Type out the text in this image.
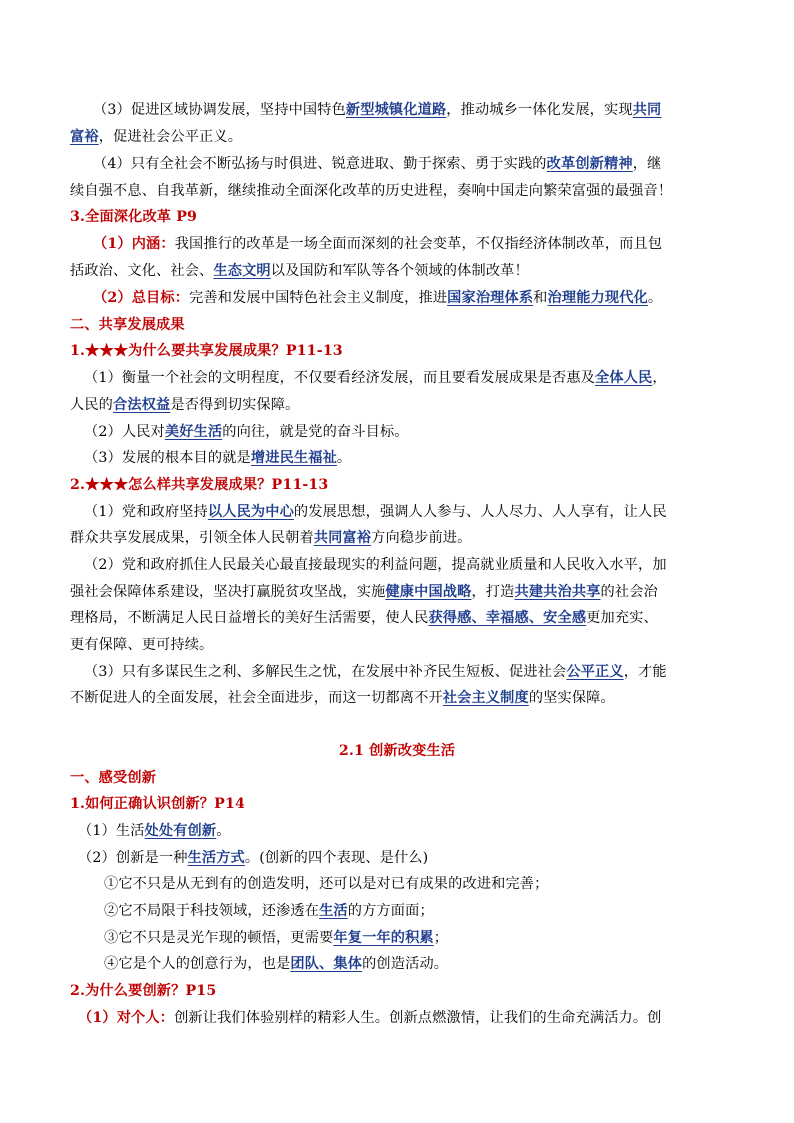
（3）促进区域协调发展，坚持中国特色新型城镇化道路，推动城乡一体化发展，实现共同
富裕，促进社会公平正义。
（4）只有全社会不断弘扬与时俱进、锐意进取、勤于探索、勇于实践的改革创新精神，继
续自强不息、自我革新，继续推动全面深化改革的历史进程，奏响中国走向繁荣富强的最强音！
3.全面深化改革 P9
（1）内涵：我国推行的改革是一场全面而深刻的社会变革，不仅指经济体制改革，而且包
括政治、文化、社会、生态文明以及国防和军队等各个领域的体制改革！
（2）总目标：完善和发展中国特色社会主义制度，推进国家治理体系和治理能力现代化。
二、共享发展成果
1.★★★为什么要共享发展成果？P11-13
（1）衡量一个社会的文明程度，不仅要看经济发展，而且要看发展成果是否惠及全体人民，
人民的合法权益是否得到切实保障。
（2）人民对美好生活的向往，就是党的奋斗目标。
（3）发展的根本目的就是增进民生福祉。
2.★★★怎么样共享发展成果？P11-13
（1）党和政府坚持以人民为中心的发展思想，强调人人参与、人人尽力、人人享有，让人民
群众共享发展成果，引领全体人民朝着共同富裕方向稳步前进。
（2）党和政府抓住人民最关心最直接最现实的利益问题，提高就业质量和人民收入水平，加
强社会保障体系建设，坚决打赢脱贫攻坚战，实施健康中国战略，打造共建共治共享的社会治
理格局，不断满足人民日益增长的美好生活需要，使人民获得感、幸福感、安全感更加充实、
更有保障、更可持续。
（3）只有多谋民生之利、多解民生之忧，在发展中补齐民生短板、促进社会公平正义，才能
不断促进人的全面发展，社会全面进步，而这一切都离不开社会主义制度的坚实保障。
2.1 创新改变生活
一、感受创新
1.如何正确认识创新？P14
（1）生活处处有创新。
（2）创新是一种生活方式。(创新的四个表现、是什么)
①它不只是从无到有的创造发明，还可以是对已有成果的改进和完善；
②它不局限于科技领域，还渗透在生活的方方面面；
③它不只是灵光乍现的顿悟，更需要年复一年的积累；
④它是个人的创意行为，也是团队、集体的创造活动。
2.为什么要创新？P15
（1）对个人：创新让我们体验别样的精彩人生。创新点燃激情，让我们的生命充满活力。创
